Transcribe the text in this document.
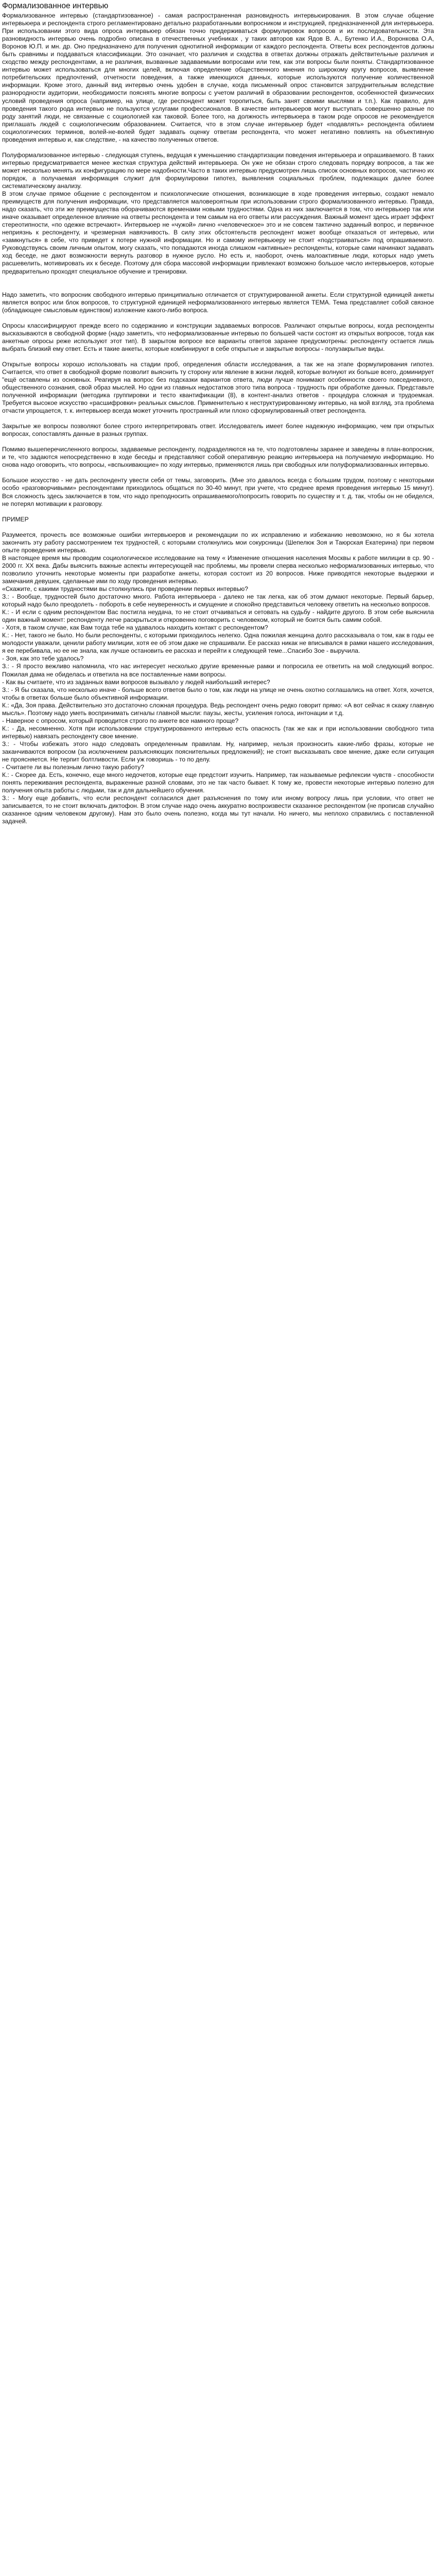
Формализованное интервью

Формализованное интервью (стандартизованное) - самая распространенная разновидность интервьюирования. В этом случае общение интервьюера и респондента строго регламентировано детально разработанными вопросником и инструкцией, предназначенной для интервьюера. При использовании этого вида опроса интервьюер обязан точно придерживаться формулировок вопросов и их последовательности. Эта разновидность интервью очень подробно описана в отечественных учебниках , у таких авторов как Ядов В. А., Бутенко И.А., Воронкова О.А, Воронов Ю.П. и мн. др. Оно предназначено для получения однотипной информации от каждого респондента. Ответы всех респондентов должны быть сравнимы и поддаваться классификации. Это означает, что различия и сходства в ответах должны отражать действительные различия и сходство между респондентами, а не различия, вызванные задаваемыми вопросами или тем, как эти вопросы были поняты. Стандартизованное интервью может использоваться для многих целей, включая определение общественного мнения по широкому кругу вопросов, выявление потребительских предпочтений, отчетности поведения, а также имеющихся данных, которые используются получение количественной информации. Кроме этого, данный вид интервью очень удобен в случае, когда письменный опрос становится затруднительным вследствие разнородности аудитории, необходимости пояснять многие вопросы с учетом различий в образовании респондентов, особенностей физических условий проведения опроса (например, на улице, где респондент может торопиться, быть занят своими мыслями и т.п.). Как правило, для проведения такого рода интервью не пользуются услугами профессионалов. В качестве интервьюеров могут выступать совершенно разные по роду занятий люди, не связанные с социологией как таковой. Более того, на должность интервьюера в таком роде опросов не рекомендуется приглашать людей с социологическим образованием. Считается, что в этом случае интервьюер будет «подавлять» респондента обилием социологических терминов, волей-не-волей будет задавать оценку ответам респондента, что может негативно повлиять на объективную проведения интервью и, как следствие, - на качество полученных ответов.

Полуформализованное интервью - следующая ступень, ведущая к уменьшению стандартизации поведения интервьюера и опрашиваемого. В таких интервью предусматривается менее жесткая структура действий интервьюера. Он уже не обязан строго следовать порядку вопросов, а так же может несколько менять их конфигурацию по мере надобности.Часто в таких интервью предусмотрен лишь список основных вопросов, частично их порядок, а получаемая информация служит для формулировки гипотез, выявления социальных проблем, подлежащих далее более систематическому анализу.

В этом случае прямое общение с респондентом и психологические отношения, возникающие в ходе проведения интервью, создают немало преимуществ для получения информации, что представляется маловероятным при использовании строго формализованного интервью. Правда, надо сказать, что эти же преимущества оборачиваются временами новыми трудностями. Одна из них заключается в том, что интервьюер так или иначе оказывает определенное влияние на ответы респондента и тем самым на его ответы или рассуждения. Важный момент здесь играет эффект стереотипности, «по одежке встречают». Интервьюер не «чужой» лично «человеческое» это и не совсем тактично заданный вопрос, и первичное неприязнь к респонденту, и чрезмерная навязчивость. В силу этих обстоятельств респондент может вообще отказаться от интервью, или «замкнуться» в себе, что приведет к потере нужной информации. Но и самому интервьюеру не стоит «подстраиваться» под опрашиваемого. Руководствуясь своим личным опытом, могу сказать, что попадаются иногда слишком «активные» респонденты, которые сами начинают задавать ход беседе, не дают возможности вернуть разговор в нужное русло. Но есть и, наоборот, очень малоактивные люди, которых надо уметь расшевелить, мотивировать их к беседе. Поэтому для сбора массовой информации привлекают возможно большое число интервьюеров, которые предварительно проходят специальное обучение и тренировки.

Надо заметить, что вопросник свободного интервью принципиально отличается от структурированной анкеты. Если структурной единицей анкеты является вопрос или блок вопросов, то структурной единицей неформализованного интервью является ТЕМА. Тема представляет собой связное (обладающее смысловым единством) изложение какого-либо вопроса.

Опросы классифицируют прежде всего по содержанию и конструкции задаваемых вопросов. Различают открытые вопросы, когда респонденты высказываются в свободной форме (надо заметить, что неформализованные интервью по большей части состоят из открытых вопросов, тогда как анкетные опросы реже используют этот тип). В закрытом вопросе все варианты ответов заранее предусмотрены: респонденту остается лишь выбрать близкий ему ответ. Есть и такие анкеты, которые комбинируют в себе открытые и закрытые вопросы - полузакрытые виды.

Открытые вопросы хорошо использовать на стадии проб, определения области исследования, а так же на этапе формулирования гипотез. Считается, что ответ в свободной форме позволит выяснить ту сторону или явление в жизни людей, которые волнуют их больше всего, доминирует "ещё оставлены из основных. Реагируя на вопрос без подсказки вариантов ответа, люди лучше понимают особенности своего повседневного, общественного сознания, свой образ мыслей. Но одни из главных недостатков этого типа вопроса - трудность при обработке данных. Представьте полученной информации (методика группировки и тесто квантификации (8), в контент-анализ ответов - процедура сложная и трудоемкая. Требуется высокое искусство «расшифровки» реальных смыслов. Применительно к неструктурированному интервью, на мой взгляд, эта проблема отчасти упрощается, т. к. интервьюер всегда может уточнить пространный или плохо сформулированный ответ респондента.

Закрытые же вопросы позволяют более строго интерпретировать ответ. Исследователь имеет более надежную информацию, чем при открытых вопросах, сопоставлять данные в разных группах.

Помимо вышеперечисленного вопросы, задаваемые респонденту, подразделяются на те, что подготовлены заранее и заведены в план-вопросник, и те, что задаются непосредственно в ходе беседы и представляют собой оперативную реакцию интервьюера на получаемую информацию. Но снова надо оговорить, что вопросы, «вспыхивающие» по ходу интервью, применяются лишь при свободных или полуформализованных интервью.

Большое искусство - не дать респонденту увести себя от темы, заговорить. (Мне это давалось всегда с большим трудом, поэтому с некоторыми особо «разговорчивыми» респондентами приходилось общаться по 30-40 минут, при учете, что среднее время проведения интервью 15 минут). Вся сложность здесь заключается в том, что надо преподносить опрашиваемого/попросить говорить по существу и т. д. так, чтобы он не обиделся, не потерял мотивации к разговору.

ПРИМЕР

Разумеется, прочесть все возможные ошибки интервьюеров и рекомендации по их исправлению и избежанию невозможно, но я бы хотела закончить эту работу рассмотрением тех трудностей, с которыми столкнулись мои сокурсницы (Шепелюк Зоя и Таюрская Екатерина) при первом опыте проведения интервью.

В настоящее время мы проводим социологическое исследование на тему « Изменение отношения населения Москвы к работе милиции в ср. 90 - 2000 гг. XX века. Дабы выяснить важные аспекты интересующей нас проблемы, мы провели сперва несколько неформализованных интервью, что позволило уточнить некоторые моменты при разработке анкеты, которая состоит из 20 вопросов. Ниже приводятся некоторые выдержки и замечания девушек, сделанные ими по ходу проведения интервью.

«Скажите, с какими трудностями вы столкнулись при проведении первых интервью?

З.: - Вообще, трудностей было достаточно много. Работа интервьюера - далеко не так легка, как об этом думают некоторые. Первый барьер, который надо было преодолеть - побороть в себе неуверенность и смущение и спокойно представиться человеку ответить на несколько вопросов.

К.: - И если с одним респондентом Вас постигла неудача, то не стоит отчаиваться и сетовать на судьбу - найдите другого. В этом себе выяснила один важный момент: респонденту легче раскрыться и откровенно поговорить с человеком, который не боится быть самим собой.

- Хотя, в таком случае, как Вам тогда тебе на удавалось находить контакт с респондентом?

К.: - Нет, такого не было. Но были респонденты, с которыми приходилось нелегко. Одна пожилая женщина долго рассказывала о том, как в годы ее молодости уважали, ценили работу милиции, хотя ее об этом даже не спрашивали. Ее рассказ никак не вписывался в рамки нашего исследования, я ее перебивала, но ее не знала, как лучше остановить ее рассказ и перейти к следующей теме...Спасибо Зое - выручила.

- Зоя, как это тебе удалось?

З.: - Я просто вежливо напомнила, что нас интересует несколько другие временные рамки и попросила ее ответить на мой следующий вопрос. Пожилая дама не обиделась и ответила на все поставленные нами вопросы.

- Как вы считаете, что из заданных вами вопросов вызывало у людей наибольший интерес?

З.: - Я бы сказала, что несколько иначе - больше всего ответов было о том, как люди на улице не очень охотно соглашались на ответ. Хотя, хочется, чтобы в ответах больше было объективной информации.

К.: «Да, Зоя права. Действительно это достаточно сложная процедура. Ведь респондент очень редко говорит прямо: «А вот сейчас я скажу главную мысль». Поэтому надо уметь воспринимать сигналы главной мысли: паузы, жесты, усиления голоса, интонации и т.д.

- Наверное с опросом, который проводится строго по анкете все намного проще?

К.: - Да, несомненно. Хотя при использовании структурированного интервью есть опасность (так же как и при использовании свободного типа интервью) навязать респонденту свое мнение.

З.: - Чтобы избежать этого надо следовать определенным правилам. Ну, например, нельзя произносить какие-либо фразы, которые не заканчиваются вопросом (за исключением разъясняющих пояснительных предложений); не стоит высказывать свое мнение, даже если ситуация не проясняется. Не терпит болтливости. Если уж говоришь - то по делу.

- Считаете ли вы полезным лично такую работу?

К.: - Скорее да. Есть, конечно, еще много недочетов, которые еще предстоит изучить. Например, так называемые рефлексии чувств - способности понять переживания респондента, выраженные разной словами, это не так часто бывает. К тому же, провести некоторые интервью полезно для получения опыта работы с людьми, так и для дальнейшего обучения.

З.: - Могу еще добавить, что если респондент согласился дает разъяснения по тому или иному вопросу лишь при условии, что ответ не записывается, то не стоит включать диктофон. В этом случае надо очень аккуратно воспроизвести сказанное респондентом (не прописав случайно сказанное одним человеком другому). Нам это было очень полезно, когда мы тут начали. Но ничего, мы неплохо справились с поставленной задачей.
